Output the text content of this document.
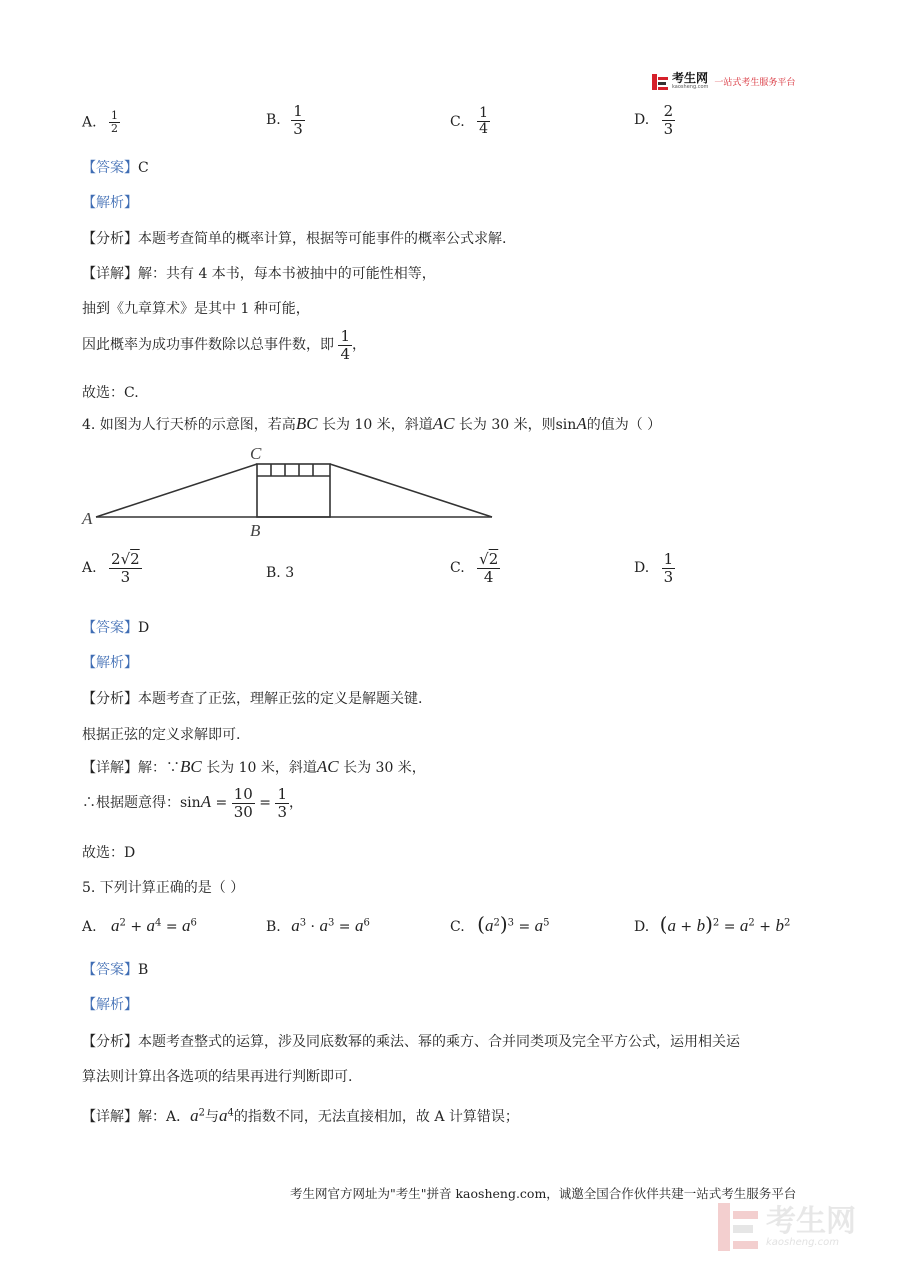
考生网
kaosheng.com 一站式考生服务平台
A. $\frac{1}{2}$	B. $\frac{1}{3}$	C. $\frac{1}{4}$	D. $\frac{2}{3}$
【答案】C
【解析】
【分析】本题考查简单的概率计算，根据等可能事件的概率公式求解.
【详解】解：共有 4 本书，每本书被抽中的可能性相等，
抽到《九章算术》是其中 1 种可能，
因此概率为成功事件数除以总事件数，即 $\frac{1}{4}$ ，
故选：C.
4. 如图为人行天桥的示意图，若高BC 长为 10 米，斜道AC 长为 30 米，则sinA的值为（ ）
A
B
C
A. $\frac{2√2}{3}$	B. 3	C. $\frac{√2}{4}$	D. $\frac{1}{3}$
【答案】D
【解析】
【分析】本题考查了正弦，理解正弦的定义是解题关键.
根据正弦的定义求解即可.
【详解】解：∵BC 长为 10 米，斜道AC 长为 30 米，
∴根据题意得：$\sin A = \frac{10}{30} = \frac{1}{3}$ ，
故选：D
5. 下列计算正确的是（ ）
A. $a^2 + a^4 = a^6$	B. $a^3 \cdot a^3 = a^6$	C. $(a^2)^3 = a^5$	D. $(a + b)^2 = a^2 + b^2$
【答案】B
【解析】
【分析】本题考查整式的运算，涉及同底数幂的乘法、幂的乘方、合并同类项及完全平方公式，运用相关运
算法则计算出各选项的结果再进行判断即可.
【详解】解：A．$a^2$与$a^4$的指数不同，无法直接相加，故 A 计算错误；
考生网官方网址为"考生"拼音 kaosheng.com，诚邀全国合作伙伴共建一站式考生服务平台
考生网
kaosheng.com
